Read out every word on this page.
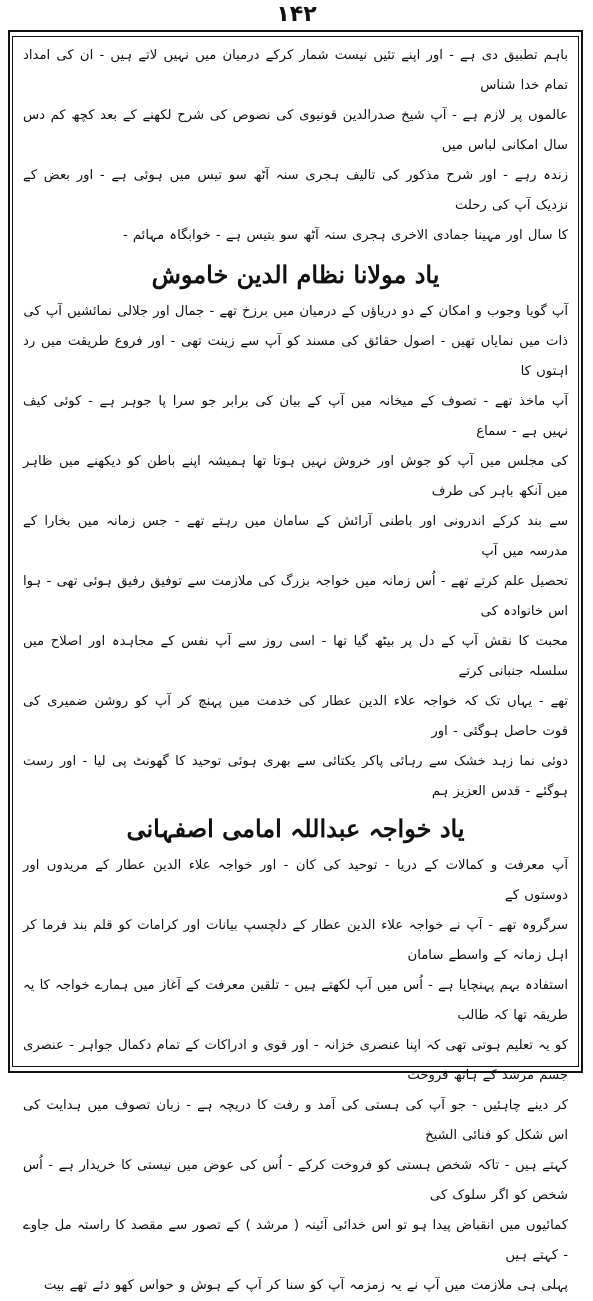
۱۴۲

باہم تطبیق دی ہے - اور اپنے تئیں نیست شمار کرکے درمیان میں نہیں لاتے ہیں - ان کی امداد تمام خدا شناس

عالموں پر لازم ہے - آپ شیخ صدرالدین قونیوی کی نصوص کی شرح لکھنے کے بعد کچھ کم دس سال امکانی لباس میں

زندہ رہے - اور شرح مذکور کی تالیف ہجری سنہ آٹھ سو تیس میں ہوئی ہے - اور بعض کے نزدیک آپ کی رحلت

کا سال اور مہینا جمادی الاخری ہجری سنہ آٹھ سو بتیس ہے - خوابگاہ مہائم -

یاد مولانا نظام الدین خاموش

آپ گویا وجوب و امکان کے دو دریاؤں کے درمیان میں برزخ تھے - جمال اور جلالی نمائشیں آپ کی

ذات میں نمایاں تھیں - اصول حقائق کی مسند کو آپ سے زینت تھی - اور فروع طریقت میں رد اہتوں کا

آپ ماخذ تھے - تصوف کے میخانہ میں آپ کے بیان کی برابر جو سرا پا جوہر ہے - کوئی کیف نہیں ہے - سماع

کی مجلس میں آپ کو جوش اور خروش نہیں ہوتا تھا ہمیشہ اپنے باطن کو دیکھنے میں ظاہر میں آنکھ باہر کی طرف

سے بند کرکے اندرونی اور باطنی آرائش کے سامان میں رہتے تھے - جس زمانہ میں بخارا کے مدرسہ میں آپ

تحصیل علم کرتے تھے - اُس زمانہ میں خواجہ بزرگ کی ملازمت سے توفیق رفیق ہوئی تھی - ہوا اس خانوادہ کی

محبت کا نقش آپ کے دل پر بیٹھ گیا تھا - اسی روز سے آپ نفس کے مجاہدہ اور اصلاح میں سلسلہ جنبانی کرتے

تھے - یہاں تک کہ خواجہ علاء الدین عطار کی خدمت میں پہنچ کر آپ کو روشن ضمیری کی قوت حاصل ہوگئی - اور

دوئی نما زہد خشک سے رہائی پاکر یکتائی سے بھری ہوئی توحید کا گھونٹ پی لیا - اور رست ہوگئے - قدس العزیز ہم

یاد خواجہ عبداللہ امامی اصفہانی

آپ معرفت و کمالات کے دریا - توحید کی کان - اور خواجہ علاء الدین عطار کے مریدوں اور دوستوں کے

سرگروہ تھے - آپ نے خواجہ علاء الدین عطار کے دلچسپ بیانات اور کرامات کو قلم بند فرما کر اہل زمانہ کے واسطے سامان

استفادہ بہم پہنچایا ہے - اُس میں آپ لکھتے ہیں - تلقین معرفت کے آغاز میں ہمارے خواجہ کا یہ طریقہ تھا کہ طالب

کو یہ تعلیم ہوتی تھی کہ اپنا عنصری خزانہ - اور قوی و ادراکات کے تمام دکمال جواہر - عنصری جسم مرشد کے ہاتھ فروخت

کر دینے چاہئیں - جو آپ کی ہستی کی آمد و رفت کا دریچہ ہے - زبان تصوف میں ہدایت کی اس شکل کو فنائی الشیخ

کہتے ہیں - تاکہ شخص ہستی کو فروخت کرکے - اُس کی عوض میں نیستی کا خریدار ہے - اُس شخص کو اگر سلوک کی

کمائیوں میں انقباض پیدا ہو تو اس خدائی آئینہ ( مرشد ) کے تصور سے مقصد کا راستہ مل جاوے - کہتے ہیں

پہلی ہی ملازمت میں آپ نے یہ زمزمہ آپ کو سنا کر آپ کے ہوش و حواس کھو دئے تھے بیت
